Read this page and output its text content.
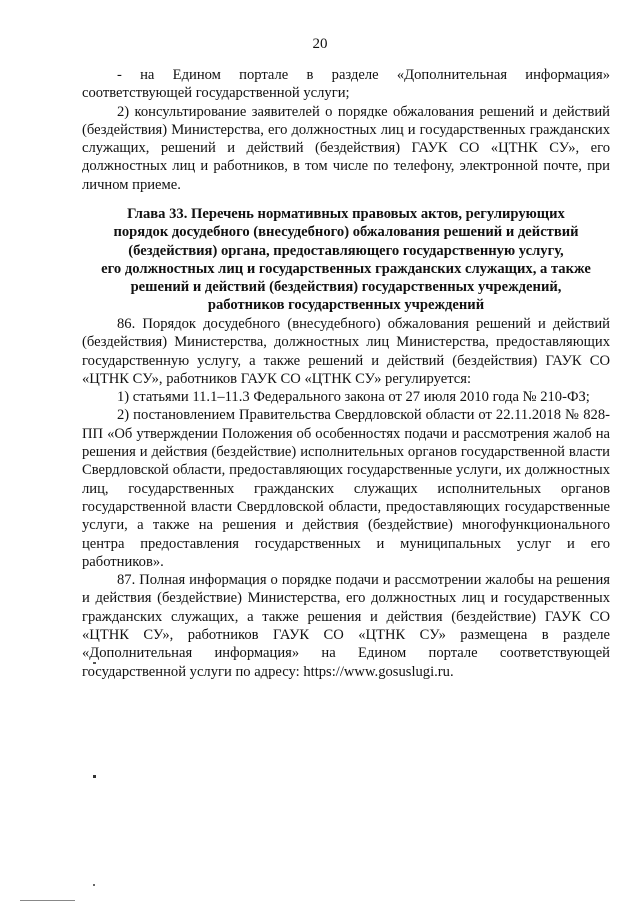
20

- на Едином портале в разделе «Дополнительная информация» соответствующей государственной услуги;

2) консультирование заявителей о порядке обжалования решений и действий (бездействия) Министерства, его должностных лиц и государственных гражданских служащих, решений и действий (бездействия) ГАУК СО «ЦТНК СУ», его должностных лиц и работников, в том числе по телефону, электронной почте, при личном приеме.

Глава 33. Перечень нормативных правовых актов, регулирующих
порядок досудебного (внесудебного) обжалования решений и действий
(бездействия) органа, предоставляющего государственную услугу,
его должностных лиц и государственных гражданских служащих, а также
решений и действий (бездействия) государственных учреждений,
работников государственных учреждений

86. Порядок досудебного (внесудебного) обжалования решений и действий (бездействия) Министерства, должностных лиц Министерства, предоставляющих государственную услугу, а также решений и действий (бездействия) ГАУК СО «ЦТНК СУ», работников ГАУК СО «ЦТНК СУ» регулируется:

1) статьями 11.1–11.3 Федерального закона от 27 июля 2010 года № 210-ФЗ;

2) постановлением Правительства Свердловской области от 22.11.2018 № 828-ПП «Об утверждении Положения об особенностях подачи и рассмотрения жалоб на решения и действия (бездействие) исполнительных органов государственной власти Свердловской области, предоставляющих государственные услуги, их должностных лиц, государственных гражданских служащих исполнительных органов государственной власти Свердловской области, предоставляющих государственные услуги, а также на решения и действия (бездействие) многофункционального центра предоставления государственных и муниципальных услуг и его работников».

87. Полная информация о порядке подачи и рассмотрении жалобы на решения и действия (бездействие) Министерства, его должностных лиц и государственных гражданских служащих, а также решения и действия (бездействие) ГАУК СО «ЦТНК СУ», работников ГАУК СО «ЦТНК СУ» размещена в разделе «Дополнительная информация» на Едином портале соответствующей государственной услуги по адресу: https://www.gosuslugi.ru.
